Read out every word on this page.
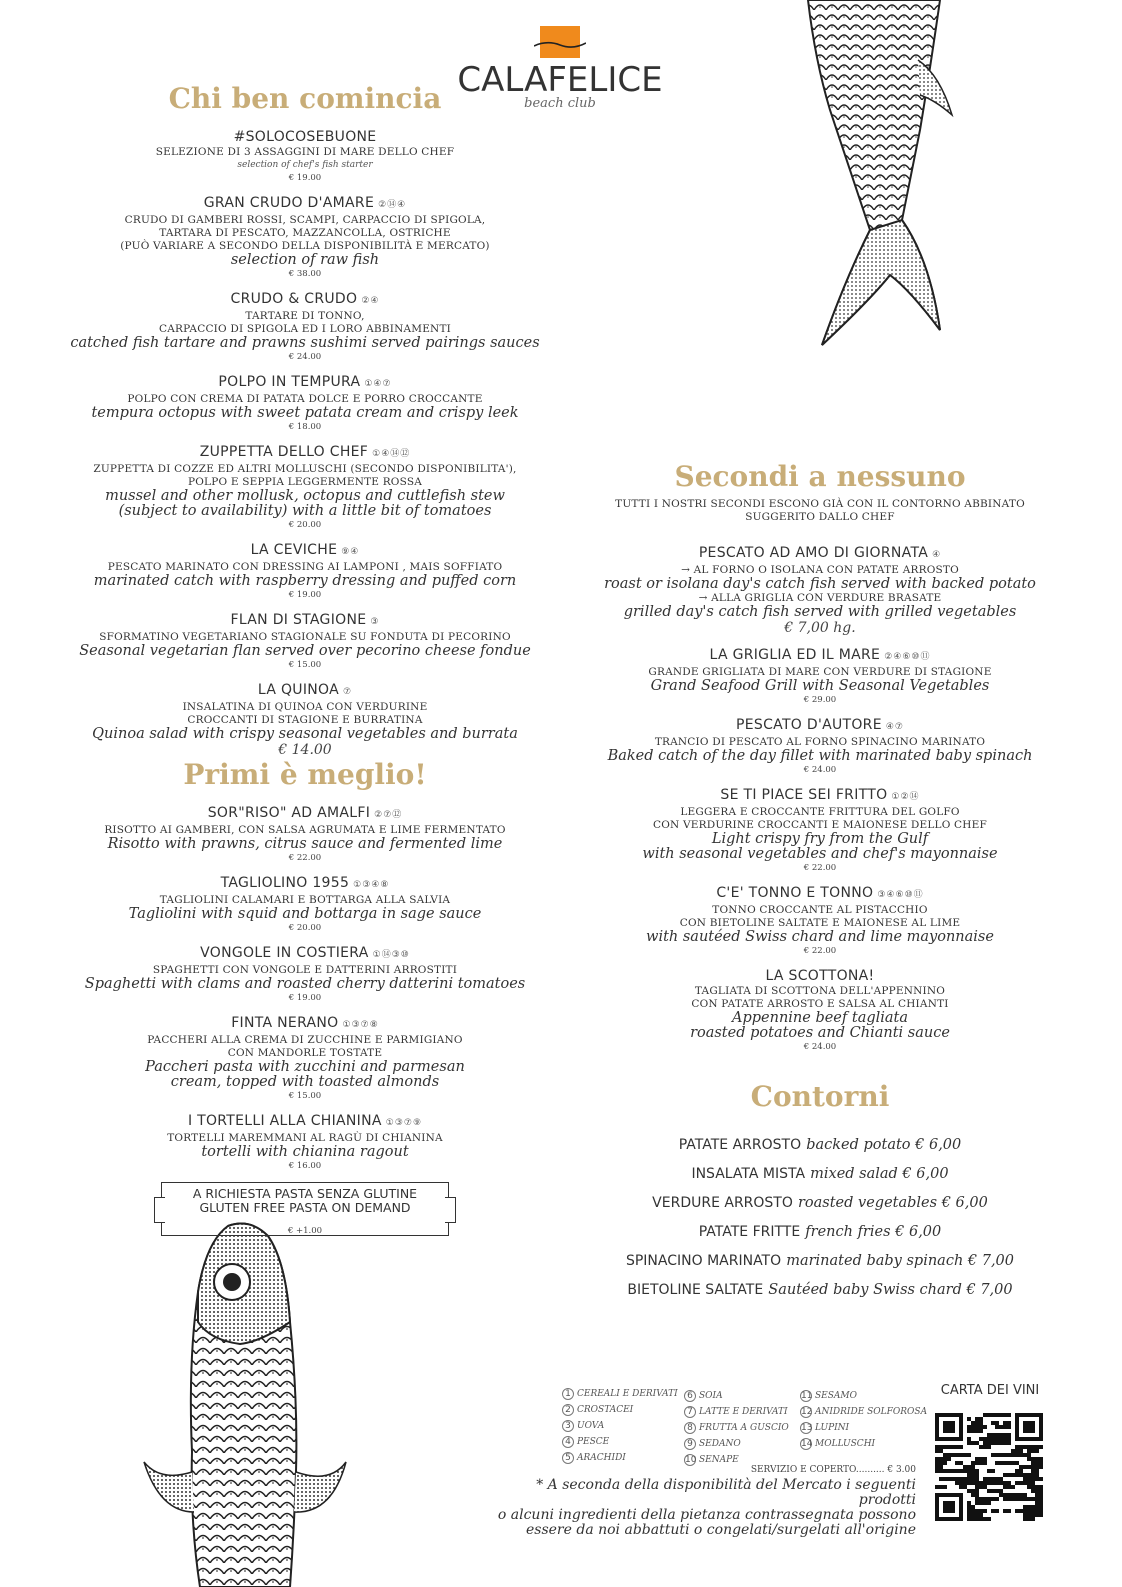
CALAFELICE
beach club
Chi ben comincia
#SOLOCOSEBUONE
SELEZIONE DI 3 ASSAGGINI DI MARE DELLO CHEF
selection of chef's fish starter
€ 19.00
GRAN CRUDO D'AMARE ②⑭④
CRUDO DI GAMBERI ROSSI, SCAMPI, CARPACCIO DI SPIGOLA,
TARTARA DI PESCATO, MAZZANCOLLA, OSTRICHE
(PUÒ VARIARE A SECONDO DELLA DISPONIBILITÀ E MERCATO)
selection of raw fish
€ 38.00
CRUDO & CRUDO ②④
TARTARE DI TONNO,
CARPACCIO DI SPIGOLA ED I LORO ABBINAMENTI
catched fish tartare and prawns sushimi served pairings sauces
€ 24.00
POLPO IN TEMPURA ①④⑦
POLPO CON CREMA DI PATATA DOLCE E PORRO CROCCANTE
tempura octopus with sweet patata cream and crispy leek
€ 18.00
ZUPPETTA DELLO CHEF ①④⑭⑫
ZUPPETTA DI COZZE ED ALTRI MOLLUSCHI (SECONDO DISPONIBILITA'),
POLPO E SEPPIA LEGGERMENTE ROSSA
mussel and other mollusk, octopus and cuttlefish stew
(subject to availability) with a little bit of tomatoes
€ 20.00
LA CEVICHE ⑨④
PESCATO MARINATO CON DRESSING AI LAMPONI , MAIS SOFFIATO
marinated catch with raspberry dressing and puffed corn
€ 19.00
FLAN DI STAGIONE ③
SFORMATINO VEGETARIANO STAGIONALE SU FONDUTA DI PECORINO
Seasonal vegetarian flan served over pecorino cheese fondue
€ 15.00
LA QUINOA ⑦
INSALATINA DI QUINOA CON VERDURINE
CROCCANTI DI STAGIONE E BURRATINA
Quinoa salad with crispy seasonal vegetables and burrata
€ 14.00
Primi è meglio!
SOR"RISO" AD AMALFI ②⑦⑫
RISOTTO AI GAMBERI, CON SALSA AGRUMATA E LIME FERMENTATO
Risotto with prawns, citrus sauce and fermented lime
€ 22.00
TAGLIOLINO 1955 ①③④⑧
TAGLIOLINI CALAMARI E BOTTARGA ALLA SALVIA
Tagliolini with squid and bottarga in sage sauce
€ 20.00
VONGOLE IN COSTIERA ①⑭③⑩
SPAGHETTI CON VONGOLE E DATTERINI ARROSTITI
Spaghetti with clams and roasted cherry datterini tomatoes
€ 19.00
FINTA NERANO ①③⑦⑧
PACCHERI ALLA CREMA DI ZUCCHINE E PARMIGIANO
CON MANDORLE TOSTATE
Paccheri pasta with zucchini and parmesan
cream, topped with toasted almonds
€ 15.00
I TORTELLI ALLA CHIANINA ①③⑦⑨
TORTELLI MAREMMANI AL RAGÙ DI CHIANINA
tortelli with chianina ragout
€ 16.00
A RICHIESTA PASTA SENZA GLUTINE
GLUTEN FREE PASTA ON DEMAND
€ +1.00
Secondi a nessuno
TUTTI I NOSTRI SECONDI ESCONO GIÀ CON IL CONTORNO ABBINATO
SUGGERITO DALLO CHEF
PESCATO AD AMO DI GIORNATA ④
→ AL FORNO O ISOLANA CON PATATE ARROSTO
roast or isolana day's catch fish served with backed potato
→ ALLA GRIGLIA CON VERDURE BRASATE
grilled day's catch fish served with grilled vegetables
€ 7,00 hg.
LA GRIGLIA ED IL MARE ②④⑥⑩⑪
GRANDE GRIGLIATA DI MARE CON VERDURE DI STAGIONE
Grand Seafood Grill with Seasonal Vegetables
€ 29.00
PESCATO D'AUTORE ④⑦
TRANCIO DI PESCATO AL FORNO SPINACINO MARINATO
Baked catch of the day fillet with marinated baby spinach
€ 24.00
SE TI PIACE SEI FRITTO ①②⑭
LEGGERA E CROCCANTE FRITTURA DEL GOLFO
CON VERDURINE CROCCANTI E MAIONESE DELLO CHEF
Light crispy fry from the Gulf
with seasonal vegetables and chef's mayonnaise
€ 22.00
C'E' TONNO E TONNO ③④⑥⑩⑪
TONNO CROCCANTE AL PISTACCHIO
CON BIETOLINE SALTATE E MAIONESE AL LIME
with sautéed Swiss chard and lime mayonnaise
€ 22.00
LA SCOTTONA!
TAGLIATA DI SCOTTONA DELL'APPENNINO
CON PATATE ARROSTO E SALSA AL CHIANTI
Appennine beef tagliata
roasted potatoes and Chianti sauce
€ 24.00
Contorni
PATATE ARROSTO backed potato € 6,00
INSALATA MISTA mixed salad € 6,00
VERDURE ARROSTO roasted vegetables € 6,00
PATATE FRITTE french fries € 6,00
SPINACINO MARINATO marinated baby spinach € 7,00
BIETOLINE SALTATE Sautéed baby Swiss chard € 7,00
1 CEREALI E DERIVATI
2 CROSTACEI
3 UOVA
4 PESCE
5 ARACHIDI
6 SOIA
7 LATTE E DERIVATI
8 FRUTTA A GUSCIO
9 SEDANO
10 SENAPE
11 SESAMO
12 ANIDRIDE SOLFOROSA
13 LUPINI
14 MOLLUSCHI
SERVIZIO E COPERTO.......... € 3.00
* A seconda della disponibilità del Mercato i seguenti prodotti
o alcuni ingredienti della pietanza contrassegnata possono
essere da noi abbattuti o congelati/surgelati all'origine
CARTA DEI VINI
